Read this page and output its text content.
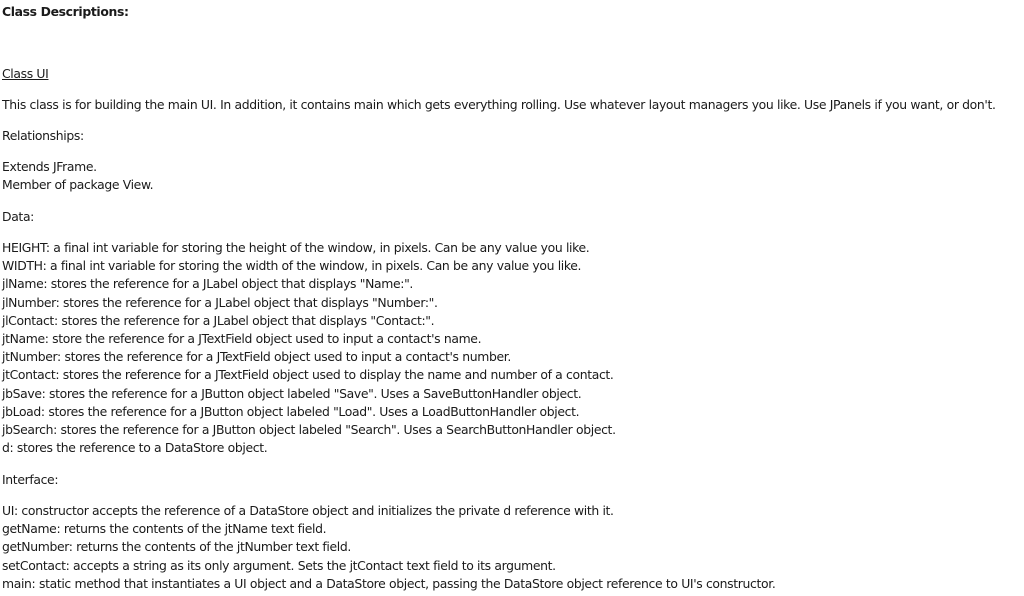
Class Descriptions:
Class UI
This class is for building the main UI. In addition, it contains main which gets everything rolling. Use whatever layout managers you like. Use JPanels if you want, or don't.
Relationships:
Extends JFrame.
Member of package View.
Data:
HEIGHT: a final int variable for storing the height of the window, in pixels. Can be any value you like.
WIDTH: a final int variable for storing the width of the window, in pixels. Can be any value you like.
jlName: stores the reference for a JLabel object that displays "Name:".
jlNumber: stores the reference for a JLabel object that displays "Number:".
jlContact: stores the reference for a JLabel object that displays "Contact:".
jtName: store the reference for a JTextField object used to input a contact's name.
jtNumber: stores the reference for a JTextField object used to input a contact's number.
jtContact: stores the reference for a JTextField object used to display the name and number of a contact.
jbSave: stores the reference for a JButton object labeled "Save". Uses a SaveButtonHandler object.
jbLoad: stores the reference for a JButton object labeled "Load". Uses a LoadButtonHandler object.
jbSearch: stores the reference for a JButton object labeled "Search". Uses a SearchButtonHandler object.
d: stores the reference to a DataStore object.
Interface:
UI: constructor accepts the reference of a DataStore object and initializes the private d reference with it.
getName: returns the contents of the jtName text field.
getNumber: returns the contents of the jtNumber text field.
setContact: accepts a string as its only argument. Sets the jtContact text field to its argument.
main: static method that instantiates a UI object and a DataStore object, passing the DataStore object reference to UI's constructor.
